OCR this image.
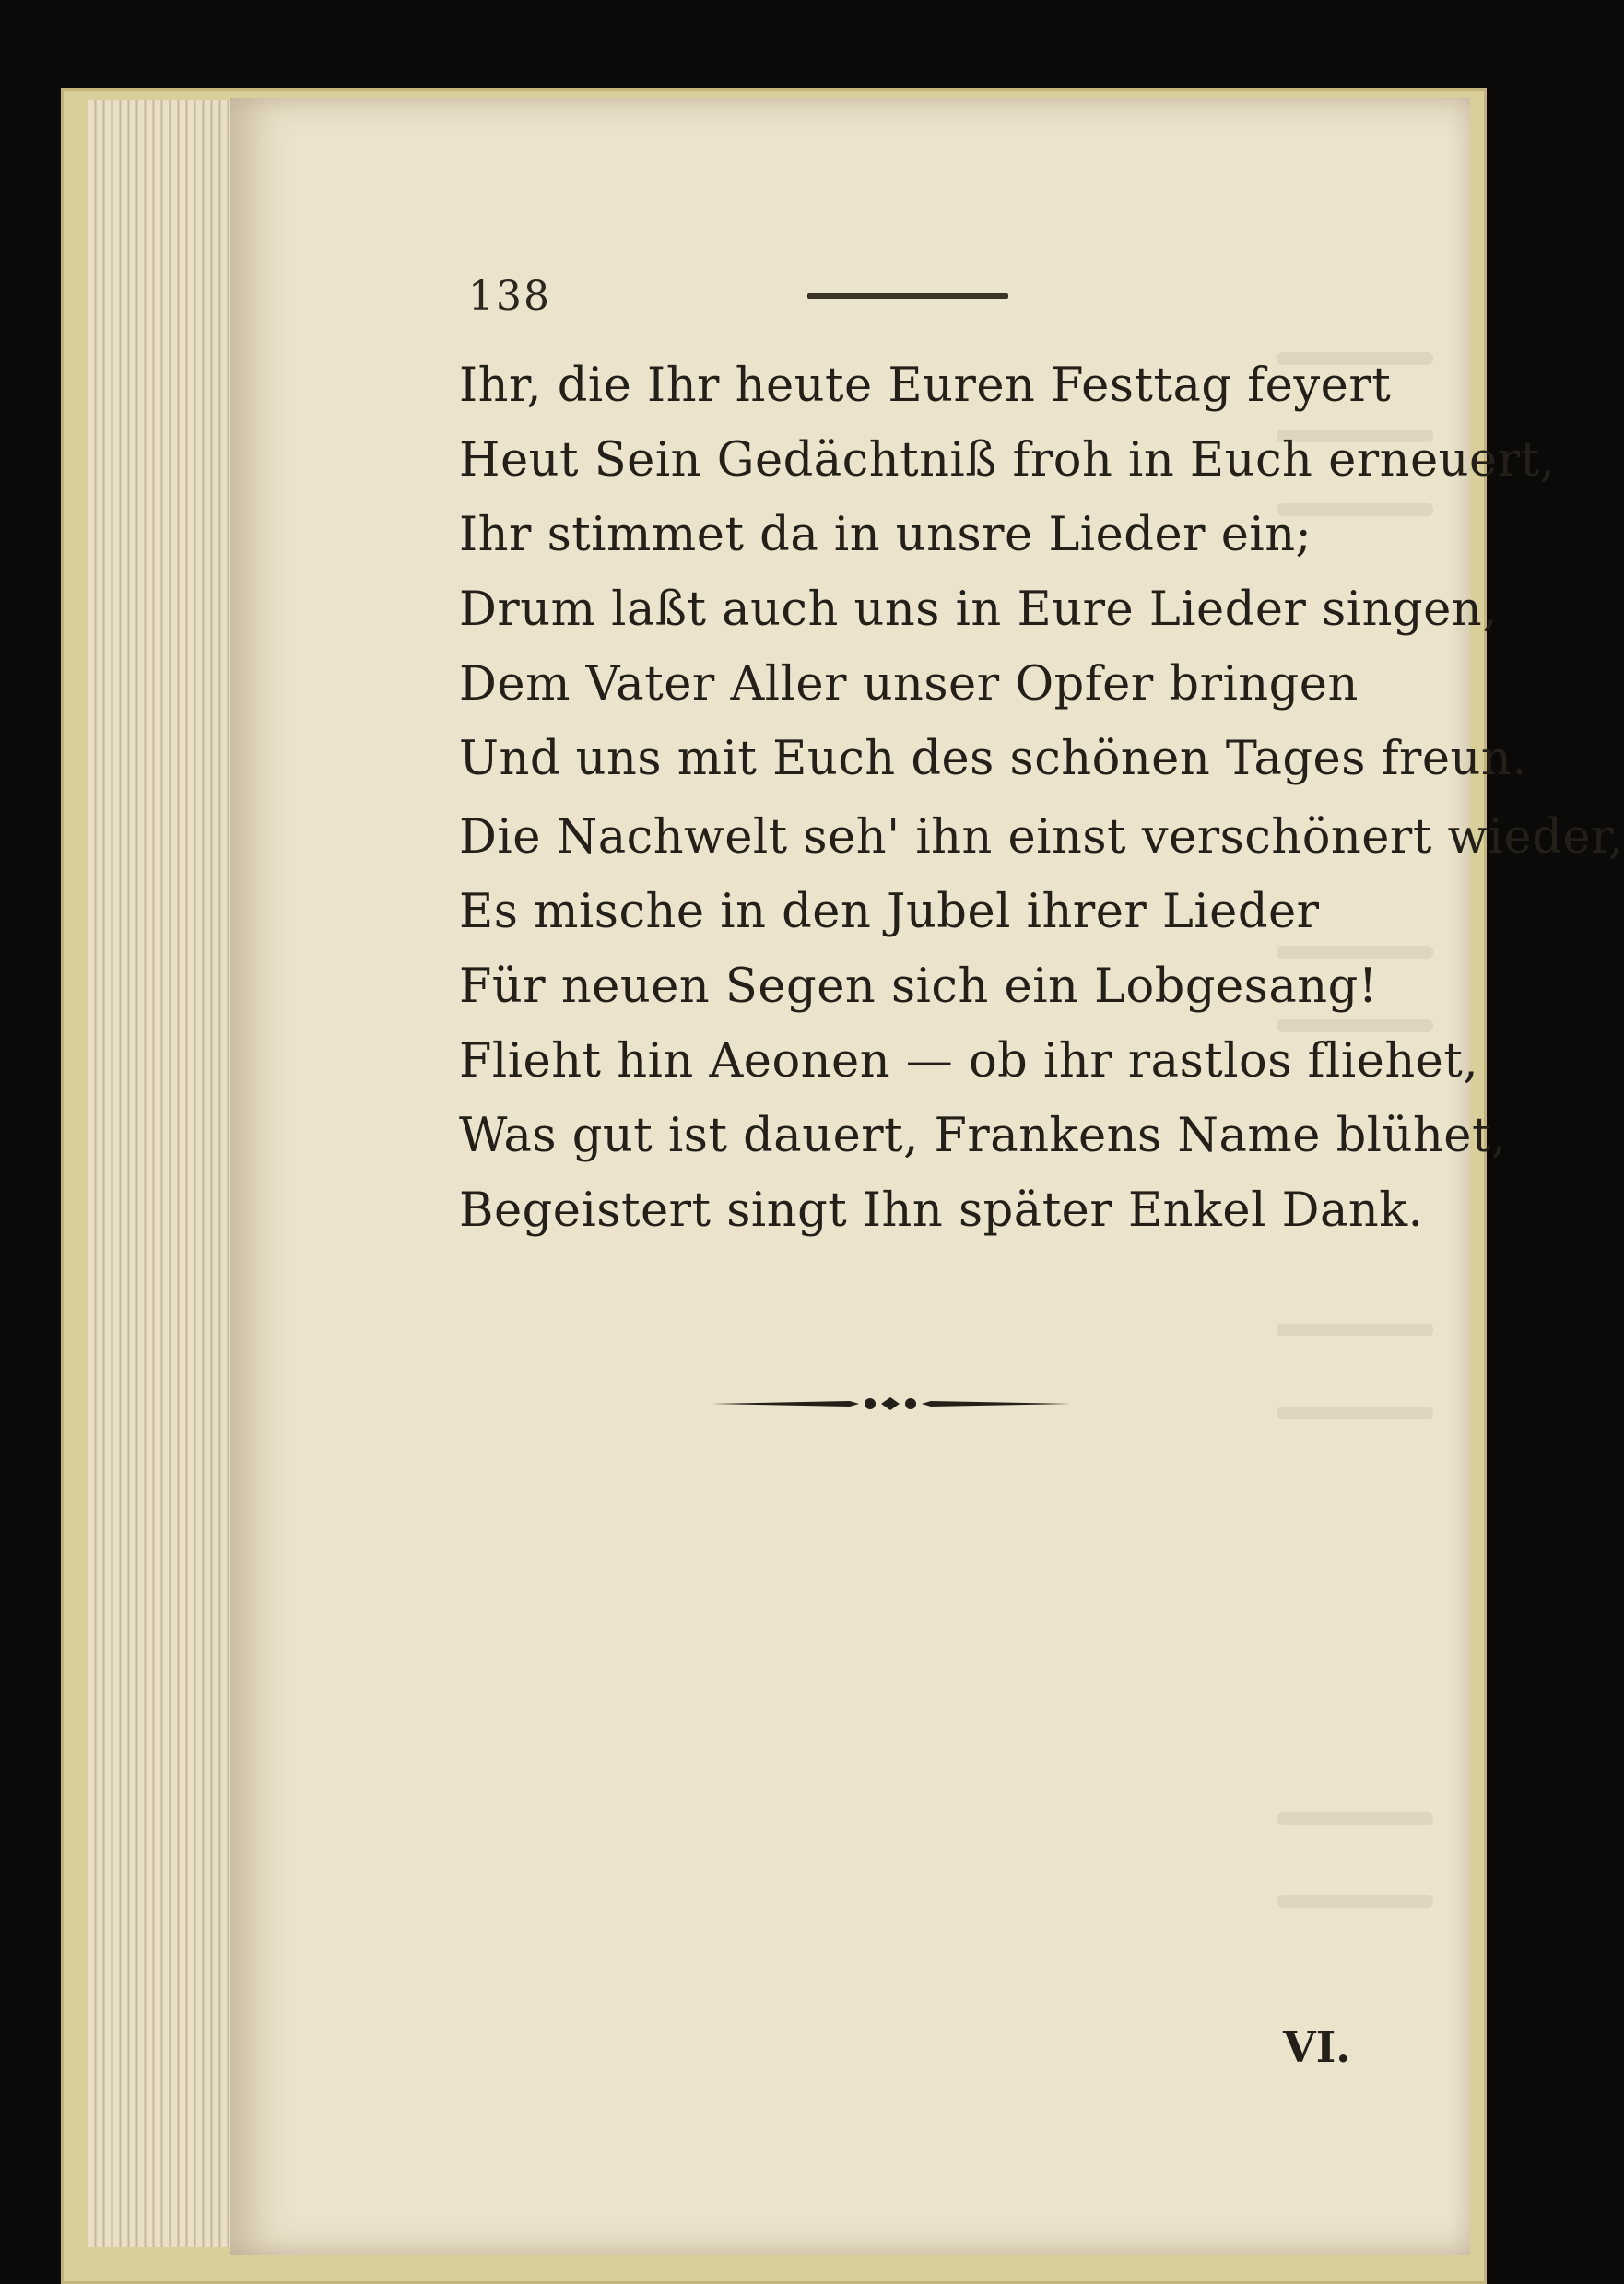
138
Ihr, die Ihr heute Euren Festtag feyert
Heut Sein Gedächtniß froh in Euch erneuert,
Ihr stimmet da in unsre Lieder ein;
Drum laßt auch uns in Eure Lieder singen,
Dem Vater Aller unser Opfer bringen
Und uns mit Euch des schönen Tages freun.
Die Nachwelt seh' ihn einst verschönert wieder,
Es mische in den Jubel ihrer Lieder
Für neuen Segen sich ein Lobgesang!
Flieht hin Aeonen — ob ihr rastlos fliehet,
Was gut ist dauert, Frankens Name blühet,
Begeistert singt Ihn später Enkel Dank.
VI.
